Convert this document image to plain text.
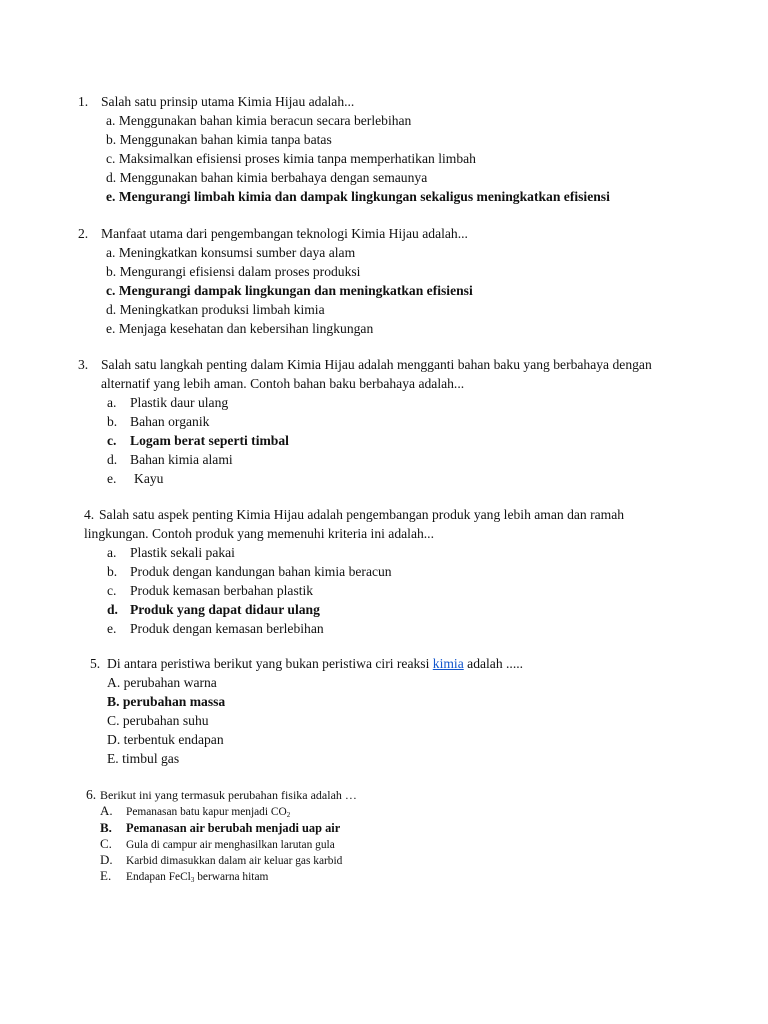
1. Salah satu prinsip utama Kimia Hijau adalah...
a. Menggunakan bahan kimia beracun secara berlebihan
b. Menggunakan bahan kimia tanpa batas
c. Maksimalkan efisiensi proses kimia tanpa memperhatikan limbah
d. Menggunakan bahan kimia berbahaya dengan semaunya
e. Mengurangi limbah kimia dan dampak lingkungan sekaligus meningkatkan efisiensi
2. Manfaat utama dari pengembangan teknologi Kimia Hijau adalah...
a. Meningkatkan konsumsi sumber daya alam
b. Mengurangi efisiensi dalam proses produksi
c. Mengurangi dampak lingkungan dan meningkatkan efisiensi
d. Meningkatkan produksi limbah kimia
e. Menjaga kesehatan dan kebersihan lingkungan
3. Salah satu langkah penting dalam Kimia Hijau adalah mengganti bahan baku yang berbahaya dengan
alternatif yang lebih aman. Contoh bahan baku berbahaya adalah...
a. Plastik daur ulang
b. Bahan organik
c. Logam berat seperti timbal
d. Bahan kimia alami
e. Kayu
4. Salah satu aspek penting Kimia Hijau adalah pengembangan produk yang lebih aman dan ramah
lingkungan. Contoh produk yang memenuhi kriteria ini adalah...
a. Plastik sekali pakai
b. Produk dengan kandungan bahan kimia beracun
c. Produk kemasan berbahan plastik
d. Produk yang dapat didaur ulang
e. Produk dengan kemasan berlebihan
5. Di antara peristiwa berikut yang bukan peristiwa ciri reaksi kimia adalah .....
A. perubahan warna
B. perubahan massa
C. perubahan suhu
D. terbentuk endapan
E. timbul gas
6. Berikut ini yang termasuk perubahan fisika adalah …
A. Pemanasan batu kapur menjadi $CO_2$
B. Pemanasan air berubah menjadi uap air
C. Gula di campur air menghasilkan larutan gula
D. Karbid dimasukkan dalam air keluar gas karbid
E. Endapan FeCl$_3$ berwarna hitam
